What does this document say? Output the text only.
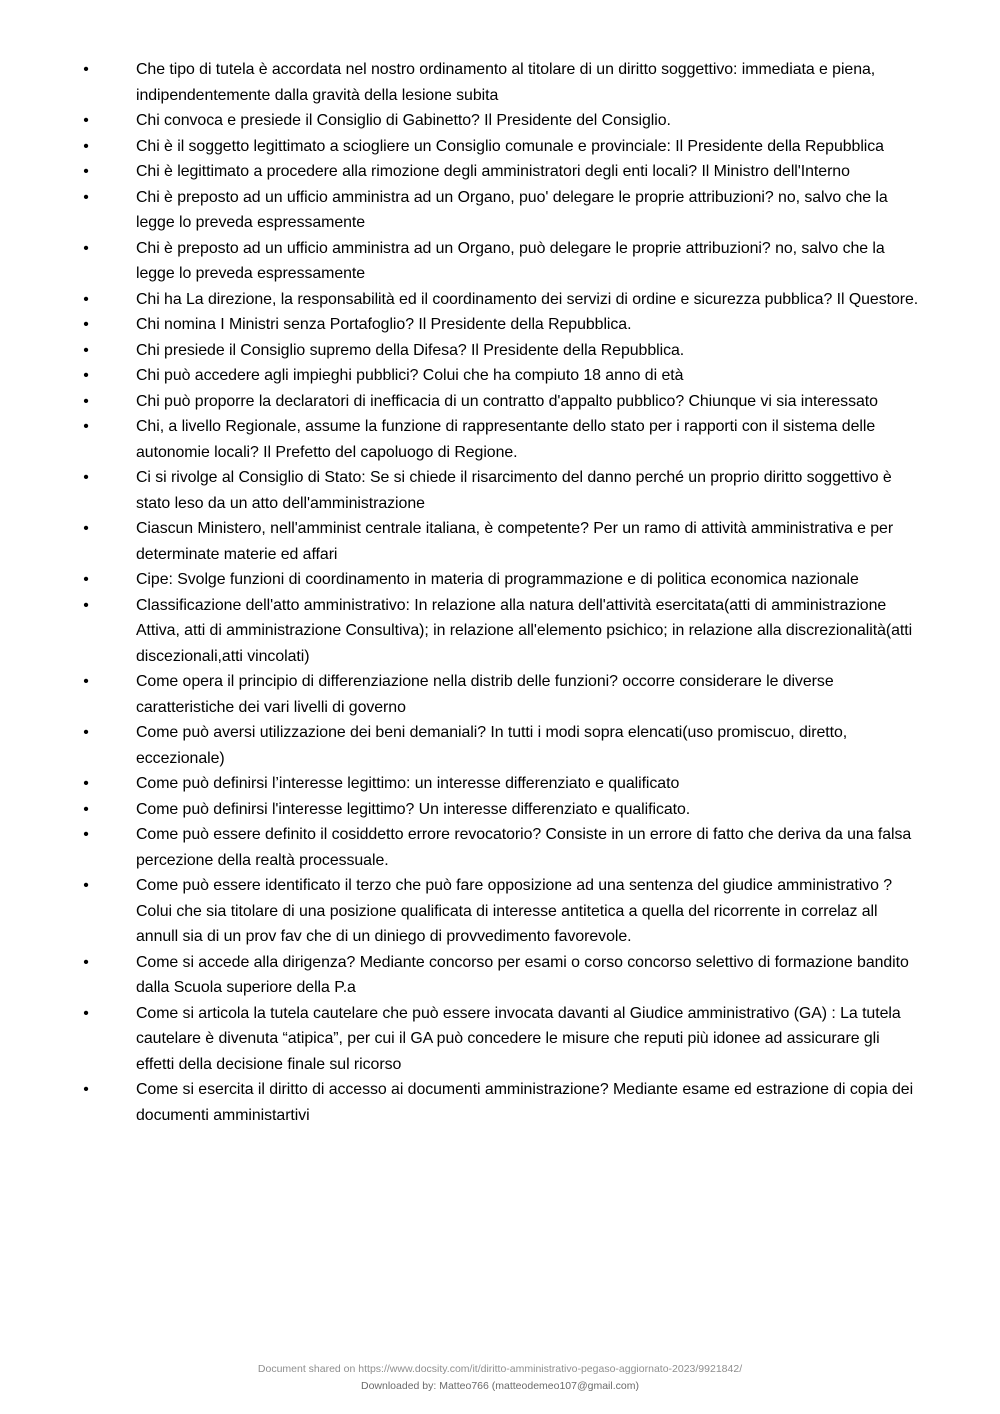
•	Che tipo di tutela è accordata nel nostro ordinamento al titolare di un diritto soggettivo: immediata e piena, indipendentemente dalla gravità della lesione subita
•	Chi convoca e presiede il Consiglio di Gabinetto? Il Presidente del Consiglio.
•	Chi è il soggetto legittimato a sciogliere un Consiglio comunale e provinciale: Il Presidente della Repubblica
•	Chi è legittimato a procedere alla rimozione degli amministratori degli enti locali? Il Ministro dell'Interno
•	Chi è preposto ad un ufficio amministra ad un Organo, puo' delegare le proprie attribuzioni? no, salvo che la legge lo preveda espressamente
•	Chi è preposto ad un ufficio amministra ad un Organo, può delegare le proprie attribuzioni? no, salvo che la legge lo preveda espressamente
•	Chi ha La direzione, la responsabilità ed il coordinamento dei servizi di ordine e sicurezza pubblica? Il Questore.
•	Chi nomina I Ministri senza Portafoglio? Il Presidente della Repubblica.
•	Chi presiede il Consiglio supremo della Difesa? Il Presidente della Repubblica.
•	Chi può accedere agli impieghi pubblici? Colui che ha compiuto 18 anno di età
•	Chi può proporre la declaratori di inefficacia di un contratto d'appalto pubblico? Chiunque vi sia interessato
•	Chi, a livello Regionale, assume la funzione di rappresentante dello stato per i rapporti con il sistema delle autonomie locali? Il Prefetto del capoluogo di Regione.
•	Ci si rivolge al Consiglio di Stato: Se si chiede il risarcimento del danno perché un proprio diritto soggettivo è stato leso da un atto dell'amministrazione
•	Ciascun Ministero, nell'amminist centrale italiana, è competente? Per un ramo di attività amministrativa e per determinate materie ed affari
•	Cipe: Svolge funzioni di coordinamento in materia di programmazione e di politica economica nazionale
•	Classificazione dell'atto amministrativo: In relazione alla natura dell'attività esercitata(atti di amministrazione Attiva, atti di amministrazione Consultiva); in relazione all'elemento psichico; in relazione alla discrezionalità(atti discezionali,atti vincolati)
•	Come opera il principio di differenziazione nella distrib delle funzioni? occorre considerare le diverse caratteristiche dei vari livelli di governo
•	Come può aversi utilizzazione dei beni demaniali? In tutti i modi sopra elencati(uso promiscuo, diretto, eccezionale)
•	Come può definirsi l’interesse legittimo: un interesse differenziato e qualificato
•	Come può definirsi l'interesse legittimo? Un interesse differenziato e qualificato.
•	Come può essere definito il cosiddetto errore revocatorio? Consiste in un errore di fatto che deriva da una falsa percezione della realtà processuale.
•	Come può essere identificato il terzo che può fare opposizione ad una sentenza del giudice amministrativo ? Colui che sia titolare di una posizione qualificata di interesse antitetica a quella del ricorrente in correlaz all annull sia di un prov fav che di un diniego di provvedimento favorevole.
•	Come si accede alla dirigenza? Mediante concorso per esami o corso concorso selettivo di formazione bandito dalla Scuola superiore della P.a
•	Come si articola la tutela cautelare che può essere invocata davanti al Giudice amministrativo (GA) : La tutela cautelare è divenuta “atipica”, per cui il GA può concedere le misure che reputi più idonee ad assicurare gli effetti della decisione finale sul ricorso
•	Come si esercita il diritto di accesso ai documenti amministrazione? Mediante esame ed estrazione di copia dei documenti amministartivi
Document shared on https://www.docsity.com/it/diritto-amministrativo-pegaso-aggiornato-2023/9921842/
Downloaded by: Matteo766 (matteodemeo107@gmail.com)
